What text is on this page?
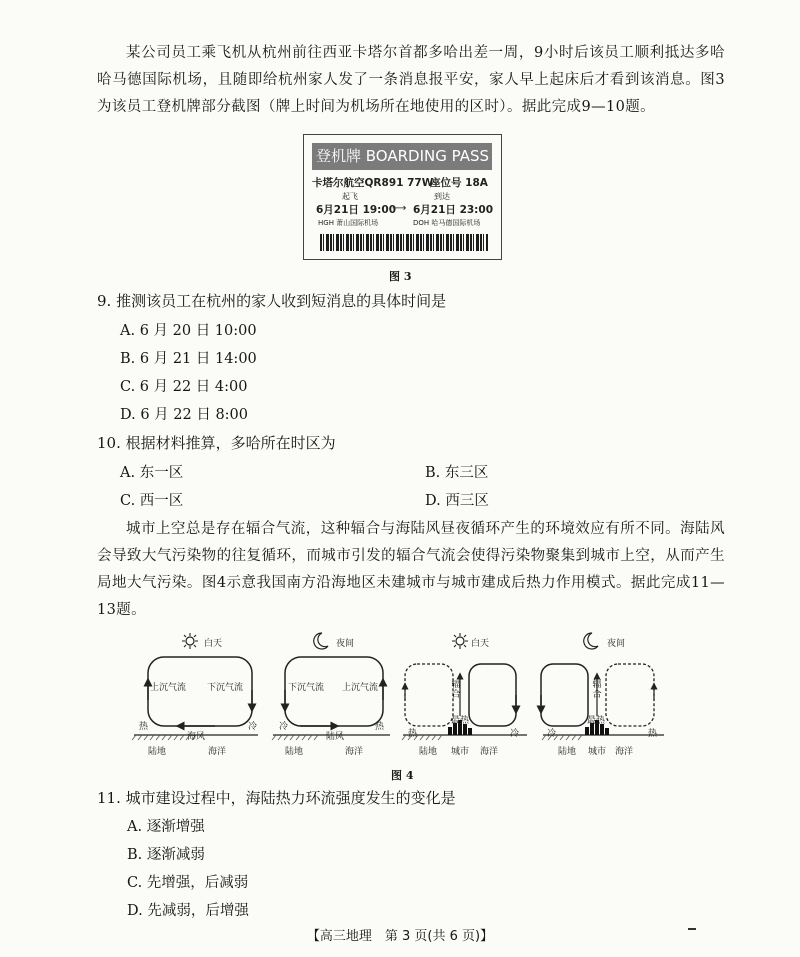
某公司员工乘飞机从杭州前往西亚卡塔尔首都多哈出差一周，9小时后该员工顺利抵达多哈哈马德国际机场，且随即给杭州家人发了一条消息报平安，家人早上起床后才看到该消息。图3为该员工登机牌部分截图（牌上时间为机场所在地使用的区时）。据此完成9—10题。

登机牌 BOARDING PASS
卡塔尔航空QR891 77W
座位号 18A
起飞	到达
6月21日 19:00
⟶ 6月21日 23:00
HGH 萧山国际机场	DOH 哈马德国际机场

图 3

9. 推测该员工在杭州的家人收到短消息的具体时间是

A. 6 月 20 日 10:00

B. 6 月 21 日 14:00

C. 6 月 22 日 4:00

D. 6 月 22 日 8:00

10. 根据材料推算，多哈所在时区为

A. 东一区	B. 东三区

C. 西一区	D. 西三区

城市上空总是存在辐合气流，这种辐合与海陆风昼夜循环产生的环境效应有所不同。海陆风会导致大气污染物的往复循环，而城市引发的辐合气流会使得污染物聚集到城市上空，从而产生局地大气污染。图4示意我国南方沿海地区未建城市与城市建成后热力作用模式。据此完成11—13题。

白天
上沉气流 下沉气流
热
海风
冷
陆地	海洋
夜间
下沉气流 上沉气流
冷
陆风
热
陆地	海洋
白天
辐合
最热
热	冷
陆地 城市 海洋
夜间
辐合
最热
冷	热
陆地 城市 海洋

图 4

11. 城市建设过程中，海陆热力环流强度发生的变化是

A. 逐渐增强

B. 逐渐减弱

C. 先增强，后减弱

D. 先减弱，后增强

【高三地理　第 3 页(共 6 页)】
